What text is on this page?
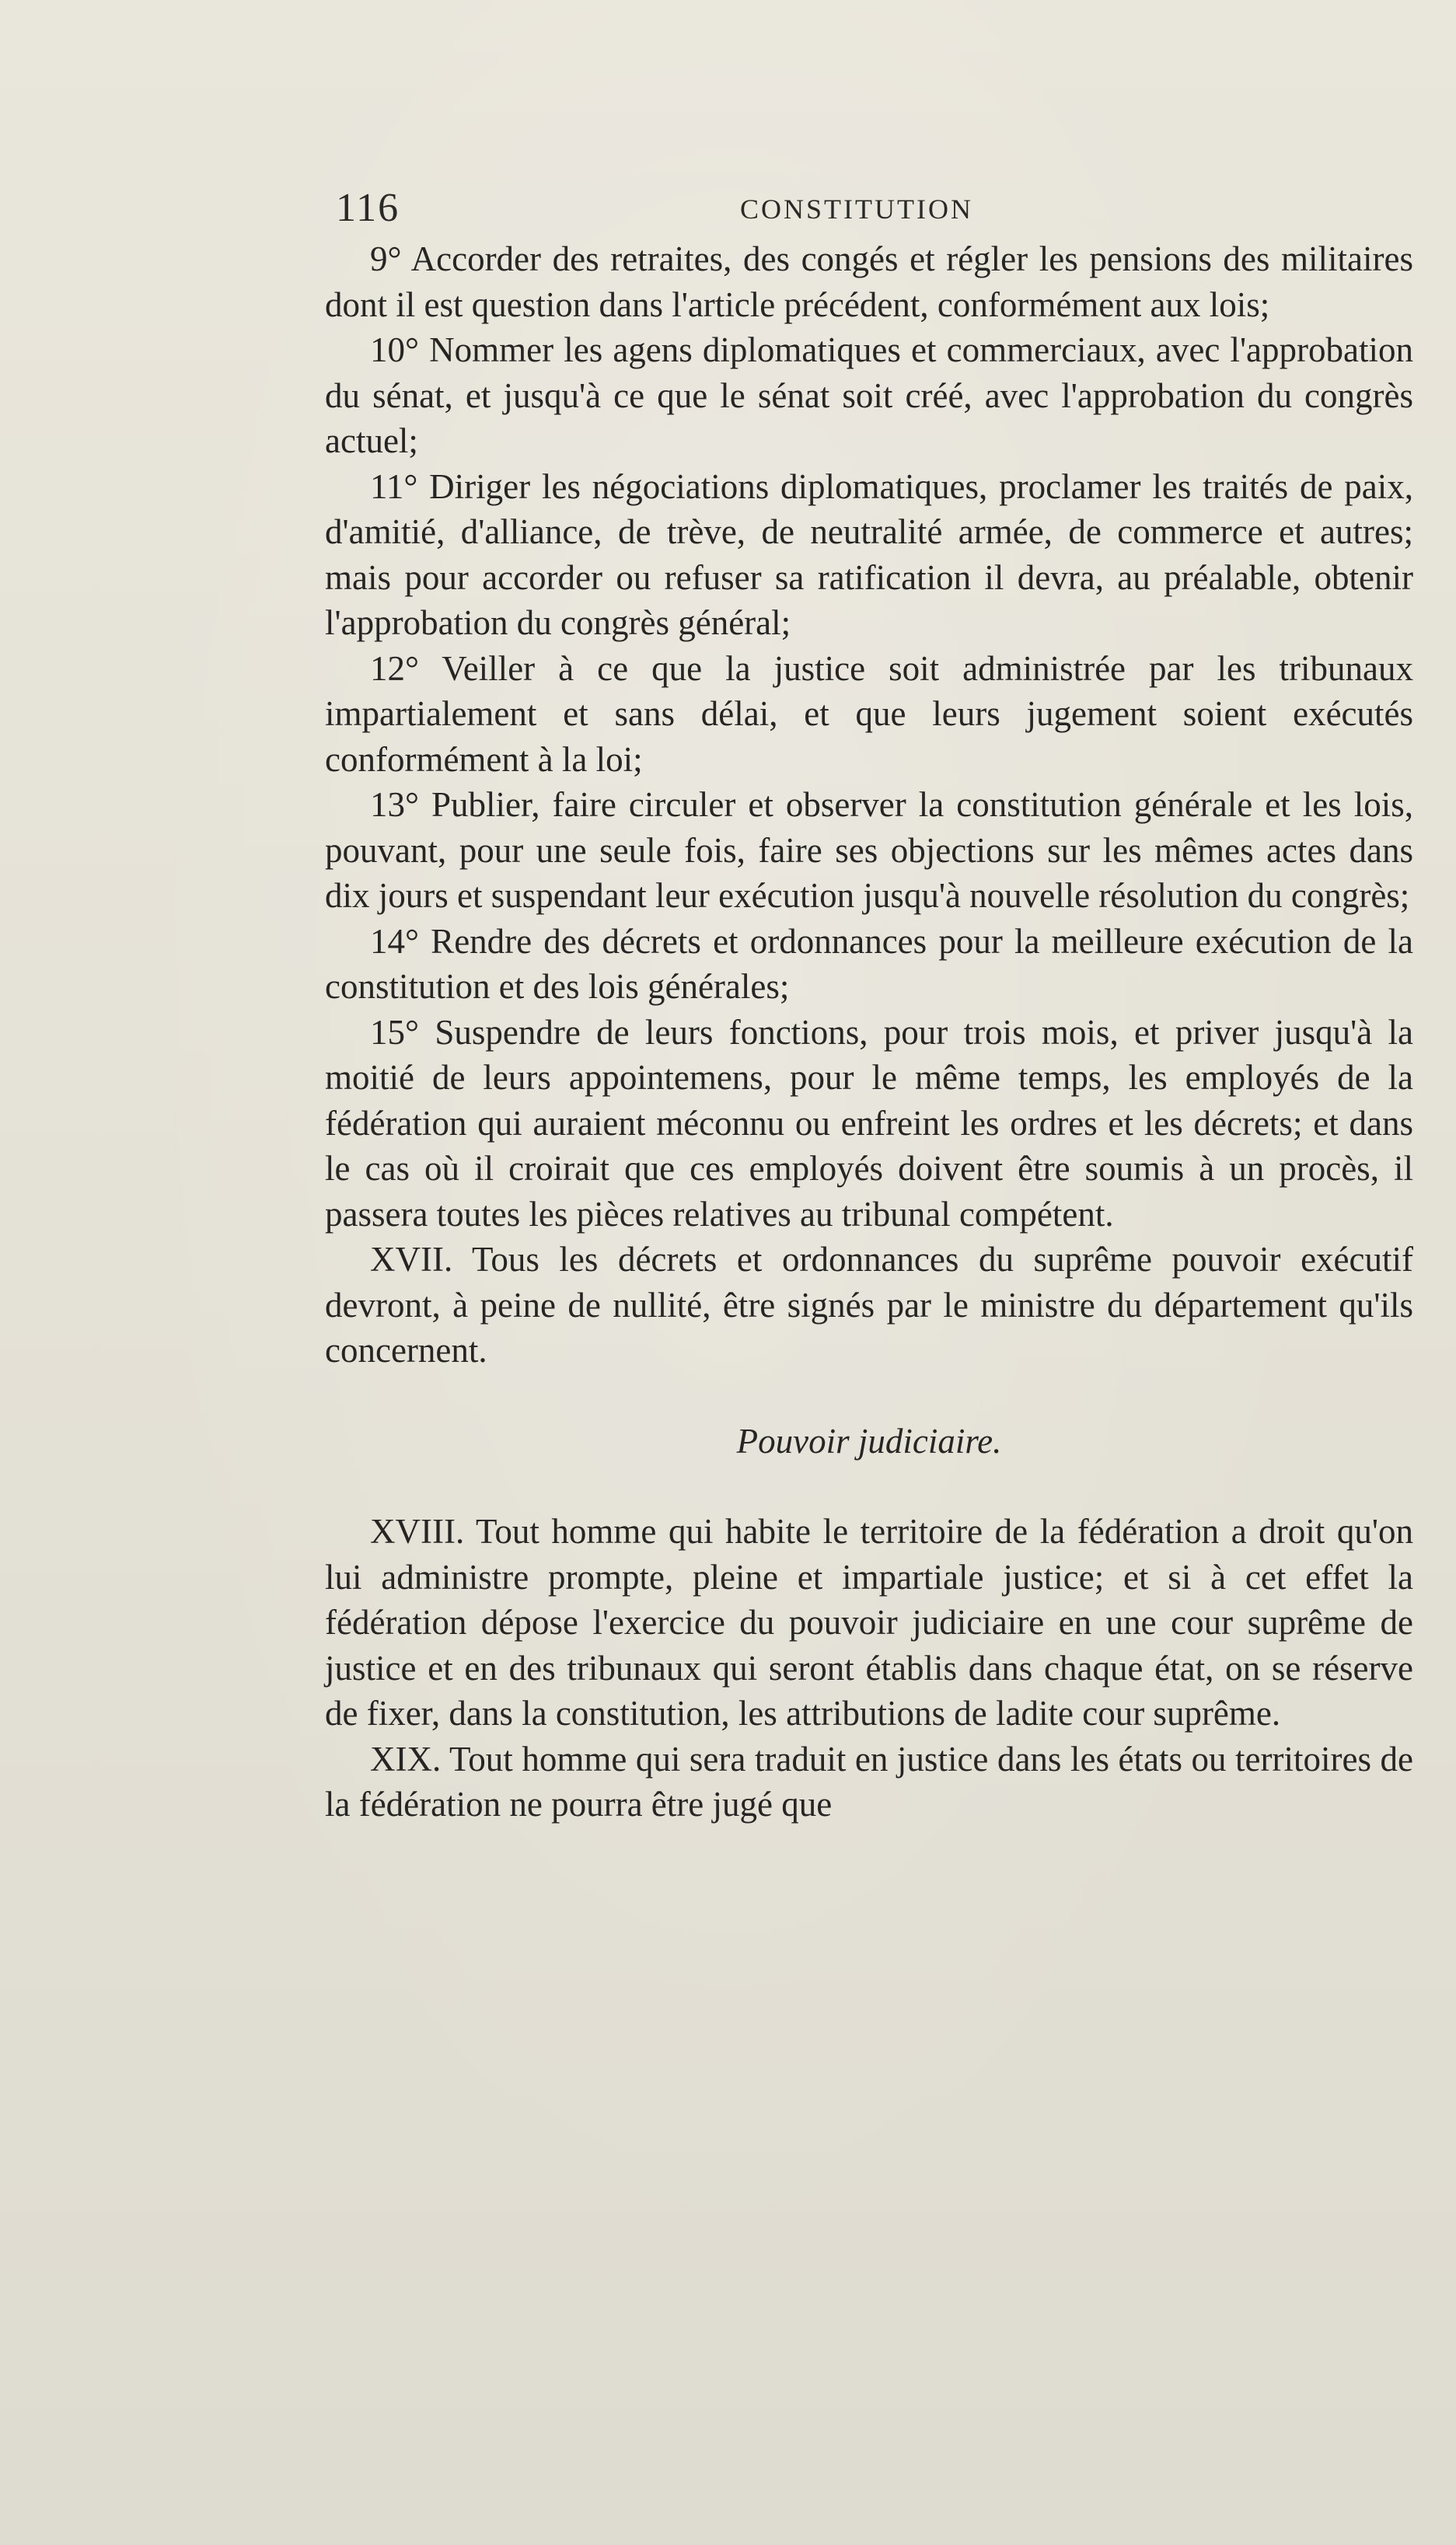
116	CONSTITUTION

9° Accorder des retraites, des congés et régler les pensions des militaires dont il est question dans l'article précédent, conformément aux lois;

10° Nommer les agens diplomatiques et commerciaux, avec l'approbation du sénat, et jusqu'à ce que le sénat soit créé, avec l'approbation du congrès actuel;

11° Diriger les négociations diplomatiques, proclamer les traités de paix, d'amitié, d'alliance, de trève, de neutralité armée, de commerce et autres; mais pour accorder ou refuser sa ratification il devra, au préalable, obtenir l'approbation du congrès général;

12° Veiller à ce que la justice soit administrée par les tribunaux impartialement et sans délai, et que leurs jugement soient exécutés conformément à la loi;

13° Publier, faire circuler et observer la constitution générale et les lois, pouvant, pour une seule fois, faire ses objections sur les mêmes actes dans dix jours et suspendant leur exécution jusqu'à nouvelle résolution du congrès;

14° Rendre des décrets et ordonnances pour la meilleure exécution de la constitution et des lois générales;

15° Suspendre de leurs fonctions, pour trois mois, et priver jusqu'à la moitié de leurs appointemens, pour le même temps, les employés de la fédération qui auraient méconnu ou enfreint les ordres et les décrets; et dans le cas où il croirait que ces employés doivent être soumis à un procès, il passera toutes les pièces relatives au tribunal compétent.

XVII. Tous les décrets et ordonnances du suprême pouvoir exécutif devront, à peine de nullité, être signés par le ministre du département qu'ils concernent.

Pouvoir judiciaire.

XVIII. Tout homme qui habite le territoire de la fédération a droit qu'on lui administre prompte, pleine et impartiale justice; et si à cet effet la fédération dépose l'exercice du pouvoir judiciaire en une cour suprême de justice et en des tribunaux qui seront établis dans chaque état, on se réserve de fixer, dans la constitution, les attributions de ladite cour suprême.

XIX. Tout homme qui sera traduit en justice dans les états ou territoires de la fédération ne pourra être jugé que
